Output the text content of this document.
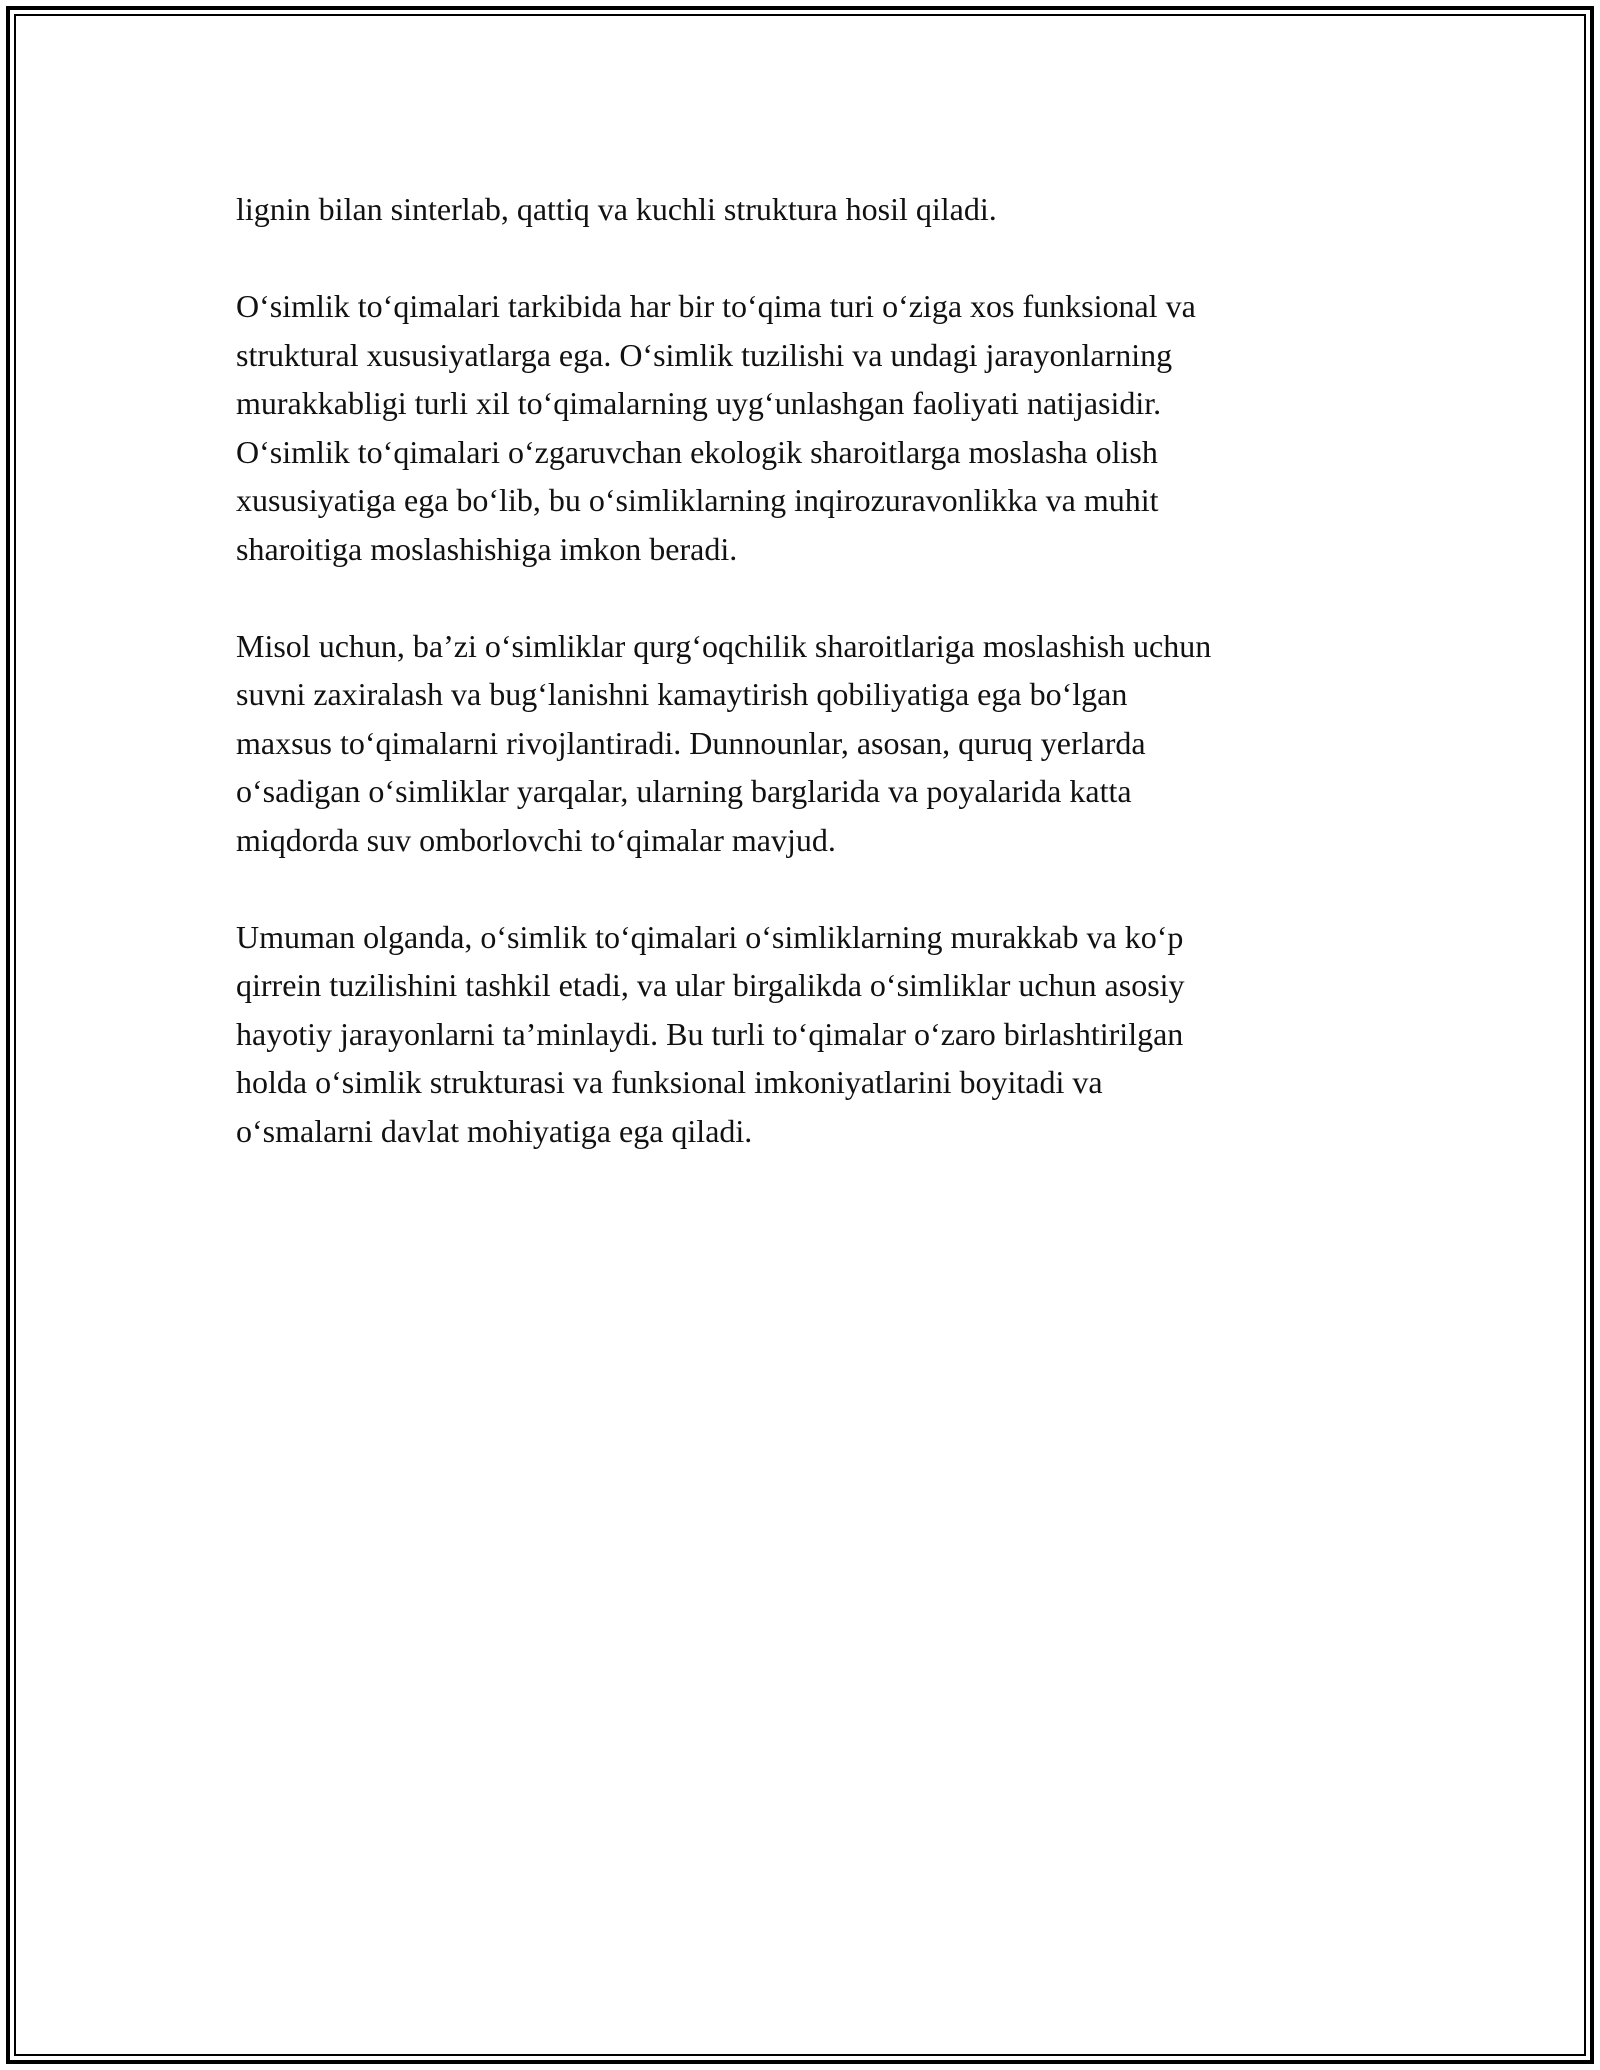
lignin bilan sinterlab, qattiq va kuchli struktura hosil qiladi.

O‘simlik to‘qimalari tarkibida har bir to‘qima turi o‘ziga xos funksional va
struktural xususiyatlarga ega. O‘simlik tuzilishi va undagi jarayonlarning
murakkabligi turli xil to‘qimalarning uyg‘unlashgan faoliyati natijasidir.
O‘simlik to‘qimalari o‘zgaruvchan ekologik sharoitlarga moslasha olish
xususiyatiga ega bo‘lib, bu o‘simliklarning inqirozuravonlikka va muhit
sharoitiga moslashishiga imkon beradi.

Misol uchun, ba’zi o‘simliklar qurg‘oqchilik sharoitlariga moslashish uchun
suvni zaxiralash va bug‘lanishni kamaytirish qobiliyatiga ega bo‘lgan
maxsus to‘qimalarni rivojlantiradi. Dunnounlar, asosan, quruq yerlarda
o‘sadigan o‘simliklar yarqalar, ularning barglarida va poyalarida katta
miqdorda suv omborlovchi to‘qimalar mavjud.

Umuman olganda, o‘simlik to‘qimalari o‘simliklarning murakkab va ko‘p
qirrein tuzilishini tashkil etadi, va ular birgalikda o‘simliklar uchun asosiy
hayotiy jarayonlarni ta’minlaydi. Bu turli to‘qimalar o‘zaro birlashtirilgan
holda o‘simlik strukturasi va funksional imkoniyatlarini boyitadi va
o‘smalarni davlat mohiyatiga ega qiladi.
